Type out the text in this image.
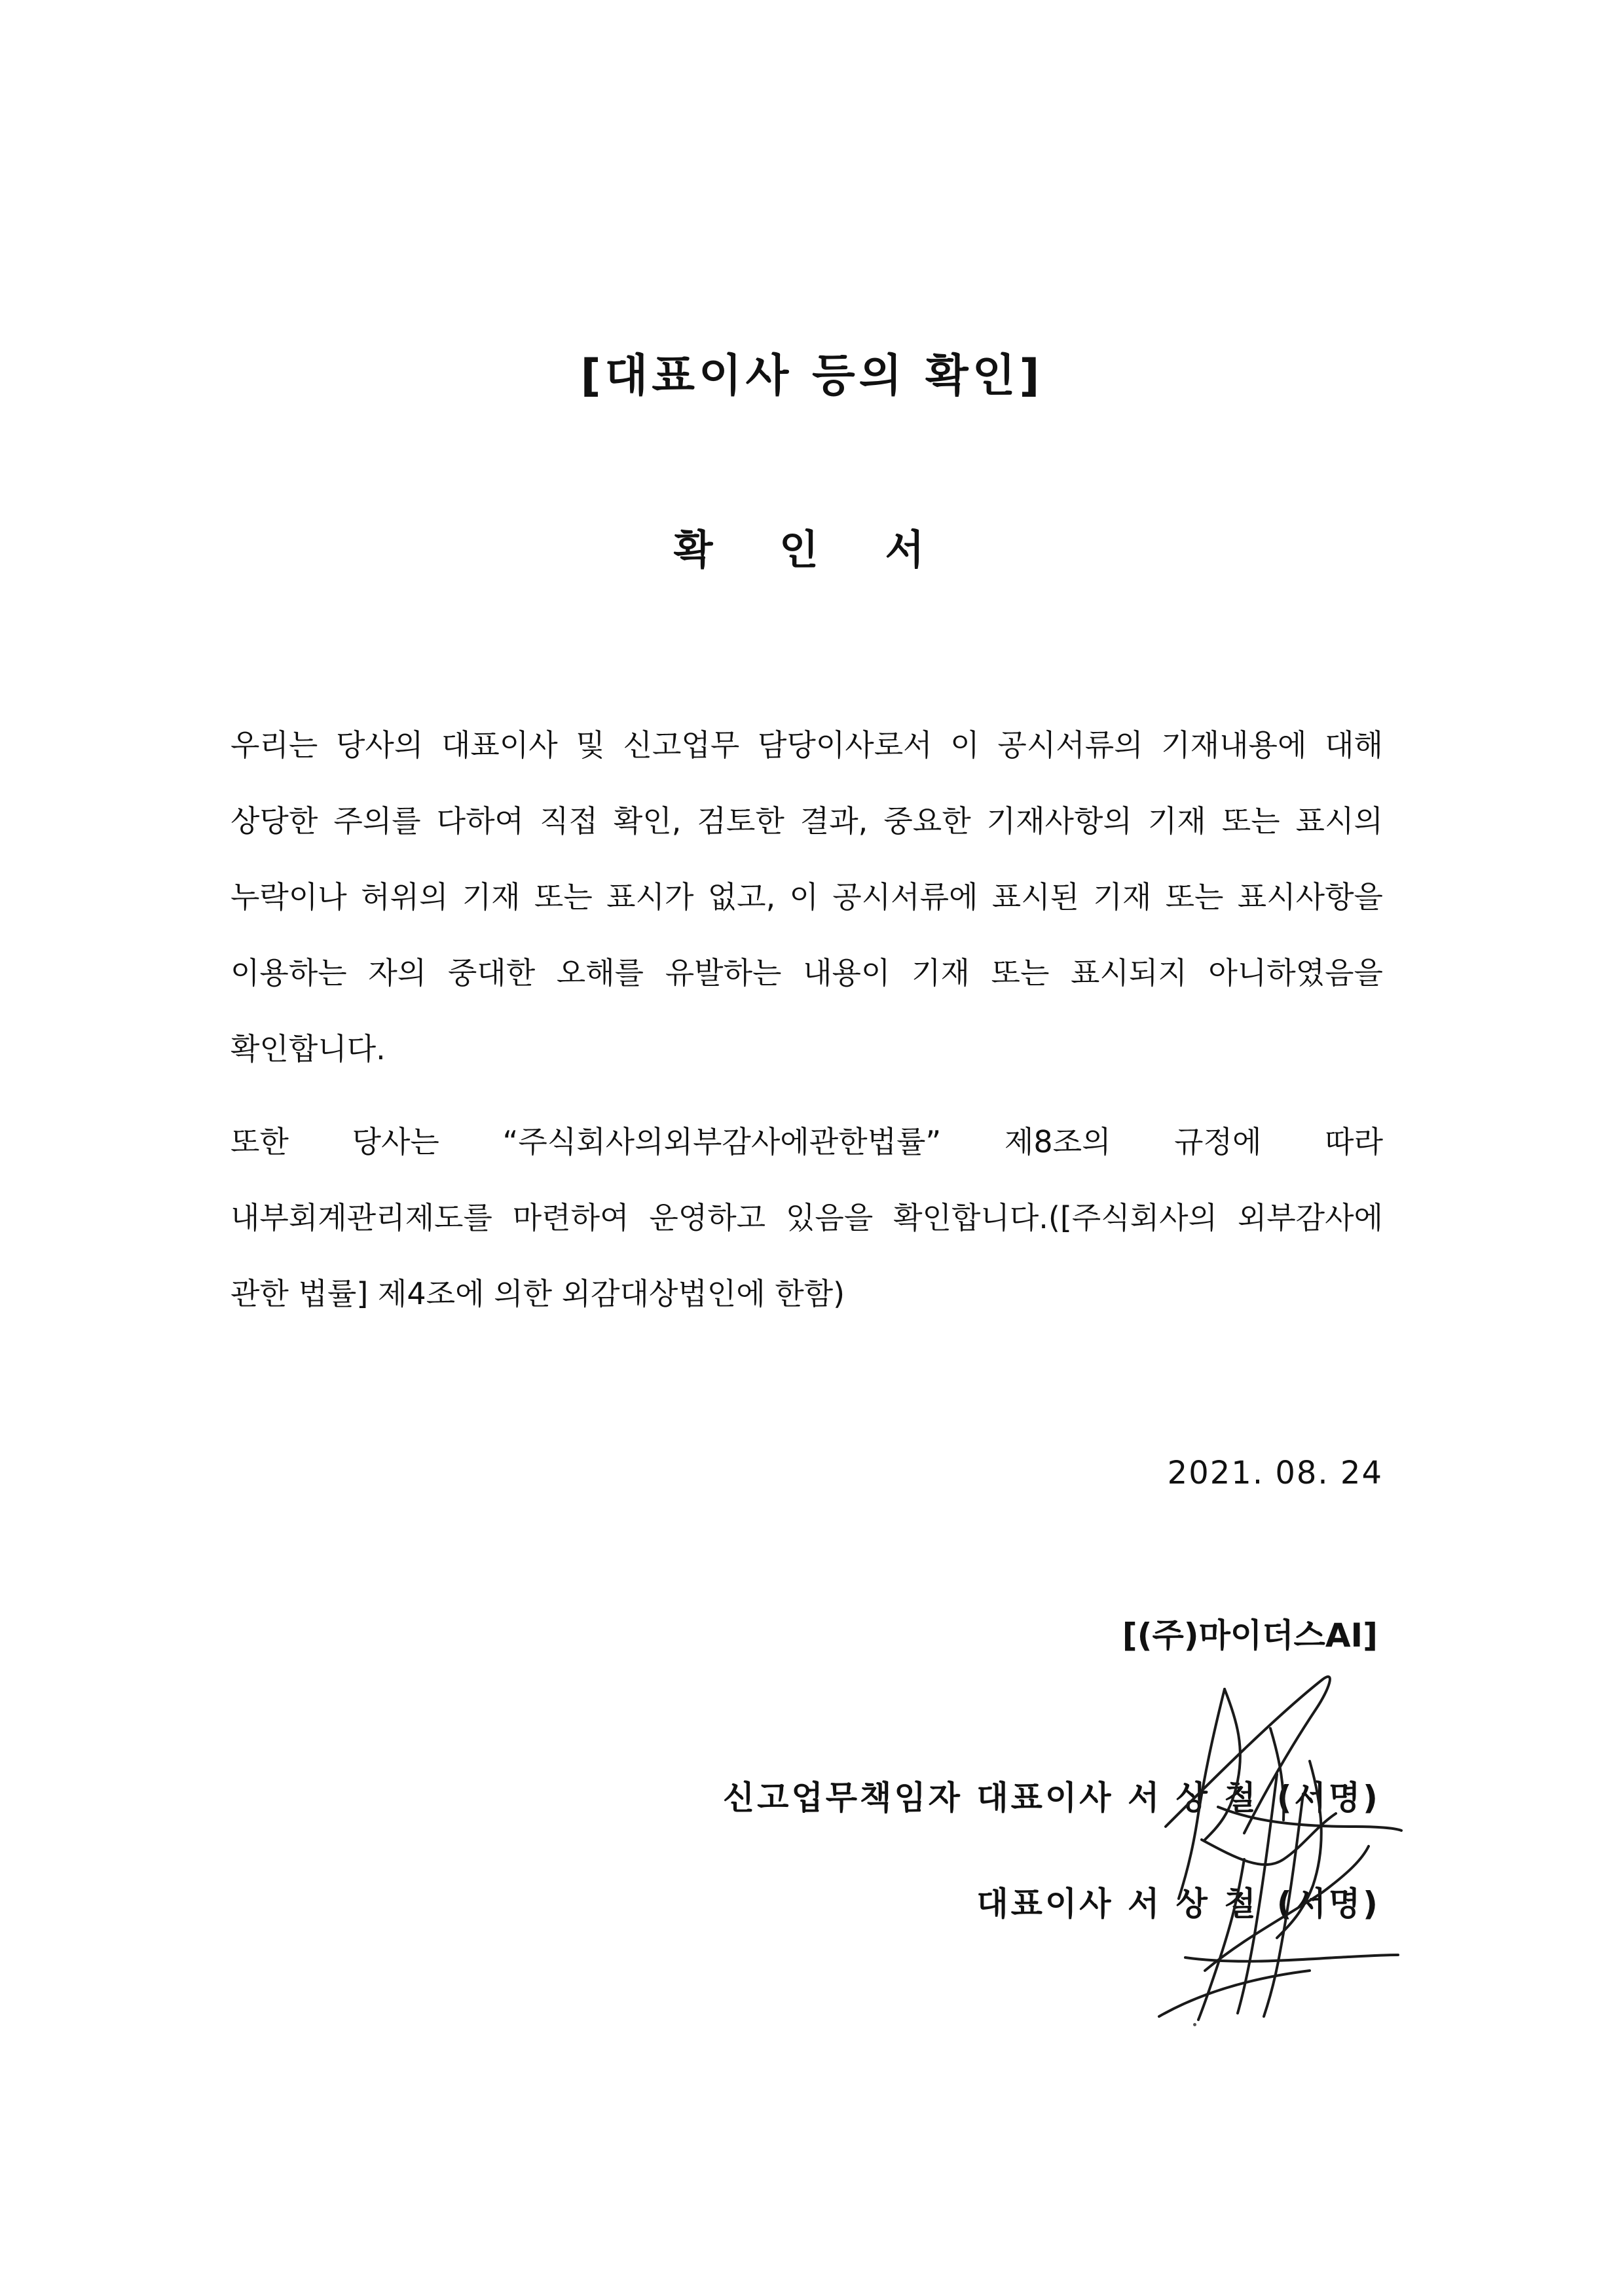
[대표이사 등의 확인]
확 인 서

우리는 당사의 대표이사 및 신고업무 담당이사로서 이 공시서류의 기재내용에 대해 상당한 주의를 다하여 직접 확인, 검토한 결과, 중요한 기재사항의 기재 또는 표시의 누락이나 허위의 기재 또는 표시가 없고, 이 공시서류에 표시된 기재 또는 표시사항을 이용하는 자의 중대한 오해를 유발하는 내용이 기재 또는 표시되지 아니하였음을 확인합니다.

또한 당사는 “주식회사의외부감사에관한법률” 제8조의 규정에 따라 내부회계관리제도를 마련하여 운영하고 있음을 확인합니다.([주식회사의 외부감사에 관한 법률] 제4조에 의한 외감대상법인에 한함)

2021. 08. 24

[(주)마이더스AI]

신고업무책임자 대표이사 서 상 철 (서명)

대표이사 서 상 철 (서명)
